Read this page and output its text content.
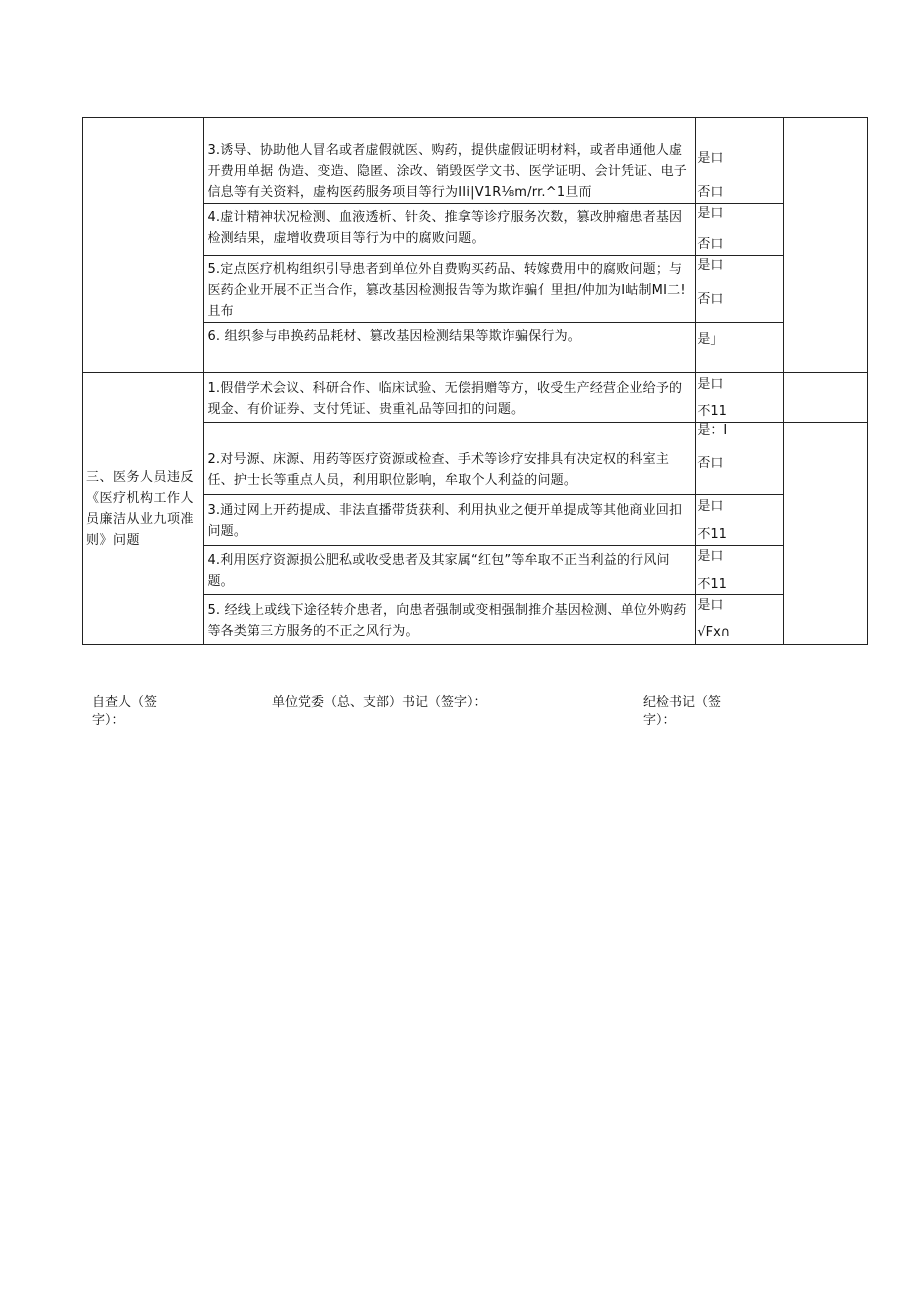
	3.诱导、协助他人冒名或者虚假就医、购药，提供虚假证明材料，或者串通他人虚开费用单据 伪造、变造、隐匿、涂改、销毁医学文书、医学证明、会计凭证、电子信息等有关资料，虚构医药服务项目等行为IIi|V1R⅛m/rr.^1旦而	是口
否口	

	4.虚计精神状况检测、血液透析、针灸、推拿等诊疗服务次数，篡改肿瘤患者基因检测结果，虚增收费项目等行为中的腐败问题。	是口
否口	

	5.定点医疗机构组织引导患者到单位外自费购买药品、转嫁费用中的腐败问题；与医药企业开展不正当合作，篡改基因检测报告等为欺诈骗亻里担/仲加为I岵制MI二!且布	是口
否口	

	6. 组织参与串换药品耗材、篡改基因检测结果等欺诈骗保行为。	是」	

三、医务人员违反《医疗机构工作人员廉洁从业九项准则》问题	1.假借学术会议、科研合作、临床试验、无偿捐赠等方，收受生产经营企业给予的现金、有价证券、支付凭证、贵重礼品等回扣的问题。	是口
不11	

	2.对号源、床源、用药等医疗资源或检查、手术等诊疗安排具有决定权的科室主任、护士长等重点人员，利用职位影响，牟取个人利益的问题。	是：I
否口	

	3.通过网上开药提成、非法直播带货获利、利用执业之便开单提成等其他商业回扣问题。	是口
不11	

	4.利用医疗资源损公肥私或收受患者及其家属“红包”等牟取不正当利益的行风问题。	是口
不11	

	5. 经线上或线下途径转介患者，向患者强制或变相强制推介基因检测、单位外购药等各类第三方服务的不正之风行为。	是口
√Fx∩	
自查人（签字）：
单位党委（总、支部）书记（签字）：	纪检书记（签字）：
